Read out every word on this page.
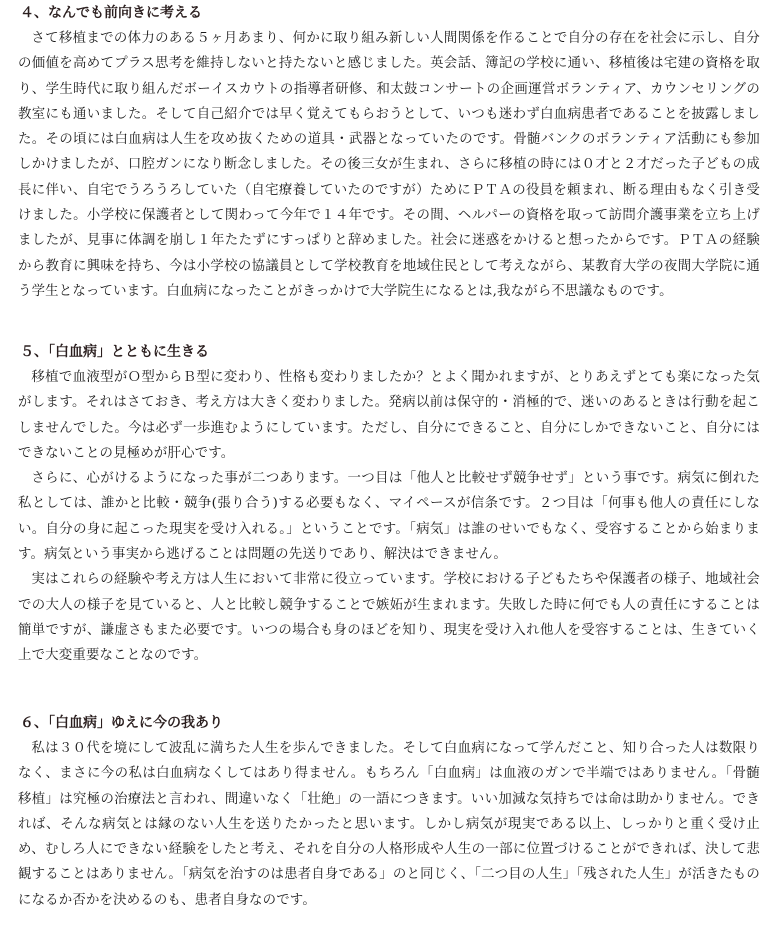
４、なんでも前向きに考える

さて移植までの体力のある５ヶ月あまり、何かに取り組み新しい人間関係を作ることで自分の存在を社会に示し、自分の価値を高めてプラス思考を維持しないと持たないと感じました。英会話、簿記の学校に通い、移植後は宅建の資格を取り、学生時代に取り組んだボーイスカウトの指導者研修、和太鼓コンサートの企画運営ボランティア、カウンセリングの教室にも通いました。そして自己紹介では早く覚えてもらおうとして、いつも迷わず白血病患者であることを披露しました。その頃には白血病は人生を攻め抜くための道具・武器となっていたのです。骨髄バンクのボランティア活動にも参加しかけましたが、口腔ガンになり断念しました。その後三女が生まれ、さらに移植の時には０才と２才だった子どもの成長に伴い、自宅でうろうろしていた（自宅療養していたのですが）ためにＰＴＡの役員を頼まれ、断る理由もなく引き受けました。小学校に保護者として関わって今年で１４年です。その間、ヘルパーの資格を取って訪問介護事業を立ち上げましたが、見事に体調を崩し１年たたずにすっぱりと辞めました。社会に迷惑をかけると想ったからです。ＰＴＡの経験から教育に興味を持ち、今は小学校の協議員として学校教育を地域住民として考えながら、某教育大学の夜間大学院に通う学生となっています。白血病になったことがきっかけで大学院生になるとは,我ながら不思議なものです。

５、「白血病」とともに生きる

移植で血液型がＯ型からＢ型に変わり、性格も変わりましたか？とよく聞かれますが、とりあえずとても楽になった気がします。それはさておき、考え方は大きく変わりました。発病以前は保守的・消極的で、迷いのあるときは行動を起こしませんでした。今は必ず一歩進むようにしています。ただし、自分にできること、自分にしかできないこと、自分にはできないことの見極めが肝心です。

さらに、心がけるようになった事が二つあります。一つ目は「他人と比較せず競争せず」という事です。病気に倒れた私としては、誰かと比較・競争(張り合う)する必要もなく、マイペースが信条です。２つ目は「何事も他人の責任にしない。自分の身に起こった現実を受け入れる。」ということです。「病気」は誰のせいでもなく、受容することから始まります。病気という事実から逃げることは問題の先送りであり、解決はできません。

実はこれらの経験や考え方は人生において非常に役立っています。学校における子どもたちや保護者の様子、地域社会での大人の様子を見ていると、人と比較し競争することで嫉妬が生まれます。失敗した時に何でも人の責任にすることは簡単ですが、謙虚さもまた必要です。いつの場合も身のほどを知り、現実を受け入れ他人を受容することは、生きていく上で大変重要なことなのです。

６、「白血病」ゆえに今の我あり

私は３０代を境にして波乱に満ちた人生を歩んできました。そして白血病になって学んだこと、知り合った人は数限りなく、まさに今の私は白血病なくしてはあり得ません。もちろん「白血病」は血液のガンで半端ではありません。「骨髄移植」は究極の治療法と言われ、間違いなく「壮絶」の一語につきます。いい加減な気持ちでは命は助かりません。できれば、そんな病気とは縁のない人生を送りたかったと思います。しかし病気が現実である以上、しっかりと重く受け止め、むしろ人にできない経験をしたと考え、それを自分の人格形成や人生の一部に位置づけることができれば、決して悲観することはありません。「病気を治すのは患者自身である」のと同じく、「二つ目の人生」「残された人生」が活きたものになるか否かを決めるのも、患者自身なのです。
